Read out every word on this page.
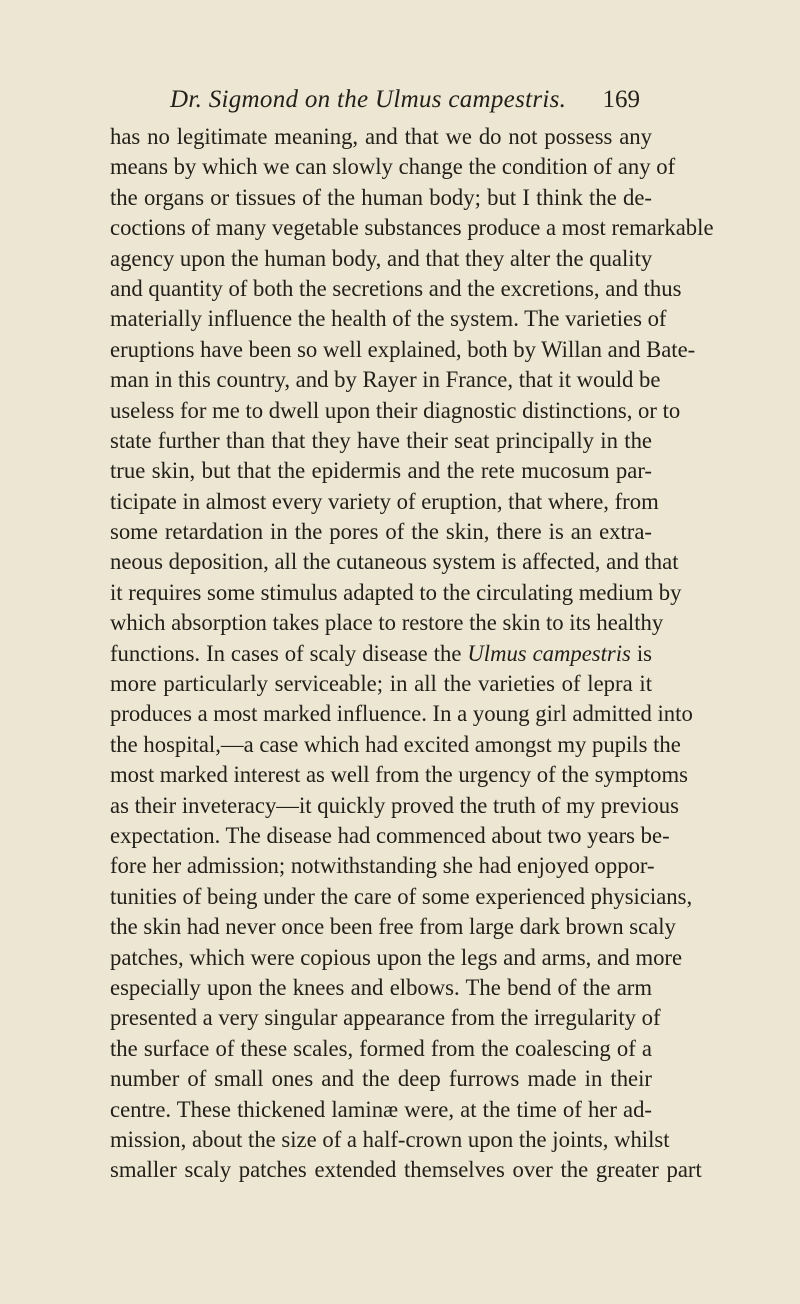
Dr. Sigmond on the Ulmus campestris. 169
has no legitimate meaning, and that we do not possess any
means by which we can slowly change the condition of any of
the organs or tissues of the human body; but I think the de-
coctions of many vegetable substances produce a most remarkable
agency upon the human body, and that they alter the quality
and quantity of both the secretions and the excretions, and thus
materially influence the health of the system. The varieties of
eruptions have been so well explained, both by Willan and Bate-
man in this country, and by Rayer in France, that it would be
useless for me to dwell upon their diagnostic distinctions, or to
state further than that they have their seat principally in the
true skin, but that the epidermis and the rete mucosum par-
ticipate in almost every variety of eruption, that where, from
some retardation in the pores of the skin, there is an extra-
neous deposition, all the cutaneous system is affected, and that
it requires some stimulus adapted to the circulating medium by
which absorption takes place to restore the skin to its healthy
functions. In cases of scaly disease the Ulmus campestris is
more particularly serviceable; in all the varieties of lepra it
produces a most marked influence. In a young girl admitted into
the hospital,—a case which had excited amongst my pupils the
most marked interest as well from the urgency of the symptoms
as their inveteracy—it quickly proved the truth of my previous
expectation. The disease had commenced about two years be-
fore her admission; notwithstanding she had enjoyed oppor-
tunities of being under the care of some experienced physicians,
the skin had never once been free from large dark brown scaly
patches, which were copious upon the legs and arms, and more
especially upon the knees and elbows. The bend of the arm
presented a very singular appearance from the irregularity of
the surface of these scales, formed from the coalescing of a
number of small ones and the deep furrows made in their
centre. These thickened laminæ were, at the time of her ad-
mission, about the size of a half-crown upon the joints, whilst
smaller scaly patches extended themselves over the greater part
